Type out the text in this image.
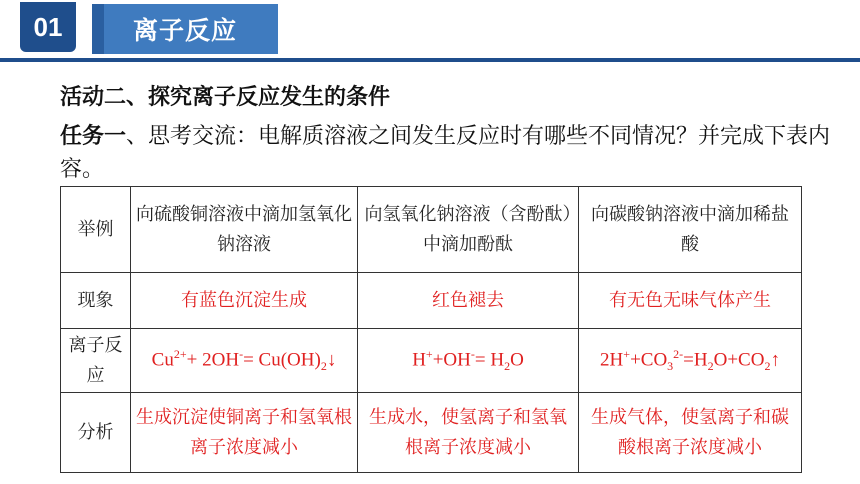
01	离子反应
活动二、探究离子反应发生的条件
任务一、思考交流：电解质溶液之间发生反应时有哪些不同情况？并完成下表内容。
举例	向硫酸铜溶液中滴加氢氧化钠溶液	向氢氧化钠溶液（含酚酞）中滴加酚酞	向碳酸钠溶液中滴加稀盐酸
现象	有蓝色沉淀生成	红色褪去	有无色无味气体产生
离子反应	$Cu^{2+}+ 2OH^-=$ $Cu(OH)_2↓$	$H^++OH^-= H_2O$	$2H^++CO_3^{2-}=H_2O+CO_2↑$
分析	生成沉淀使铜离子和氢氧根离子浓度减小	生成水，使氢离子和氢氧根离子浓度减小	生成气体，使氢离子和碳酸根离子浓度减小
